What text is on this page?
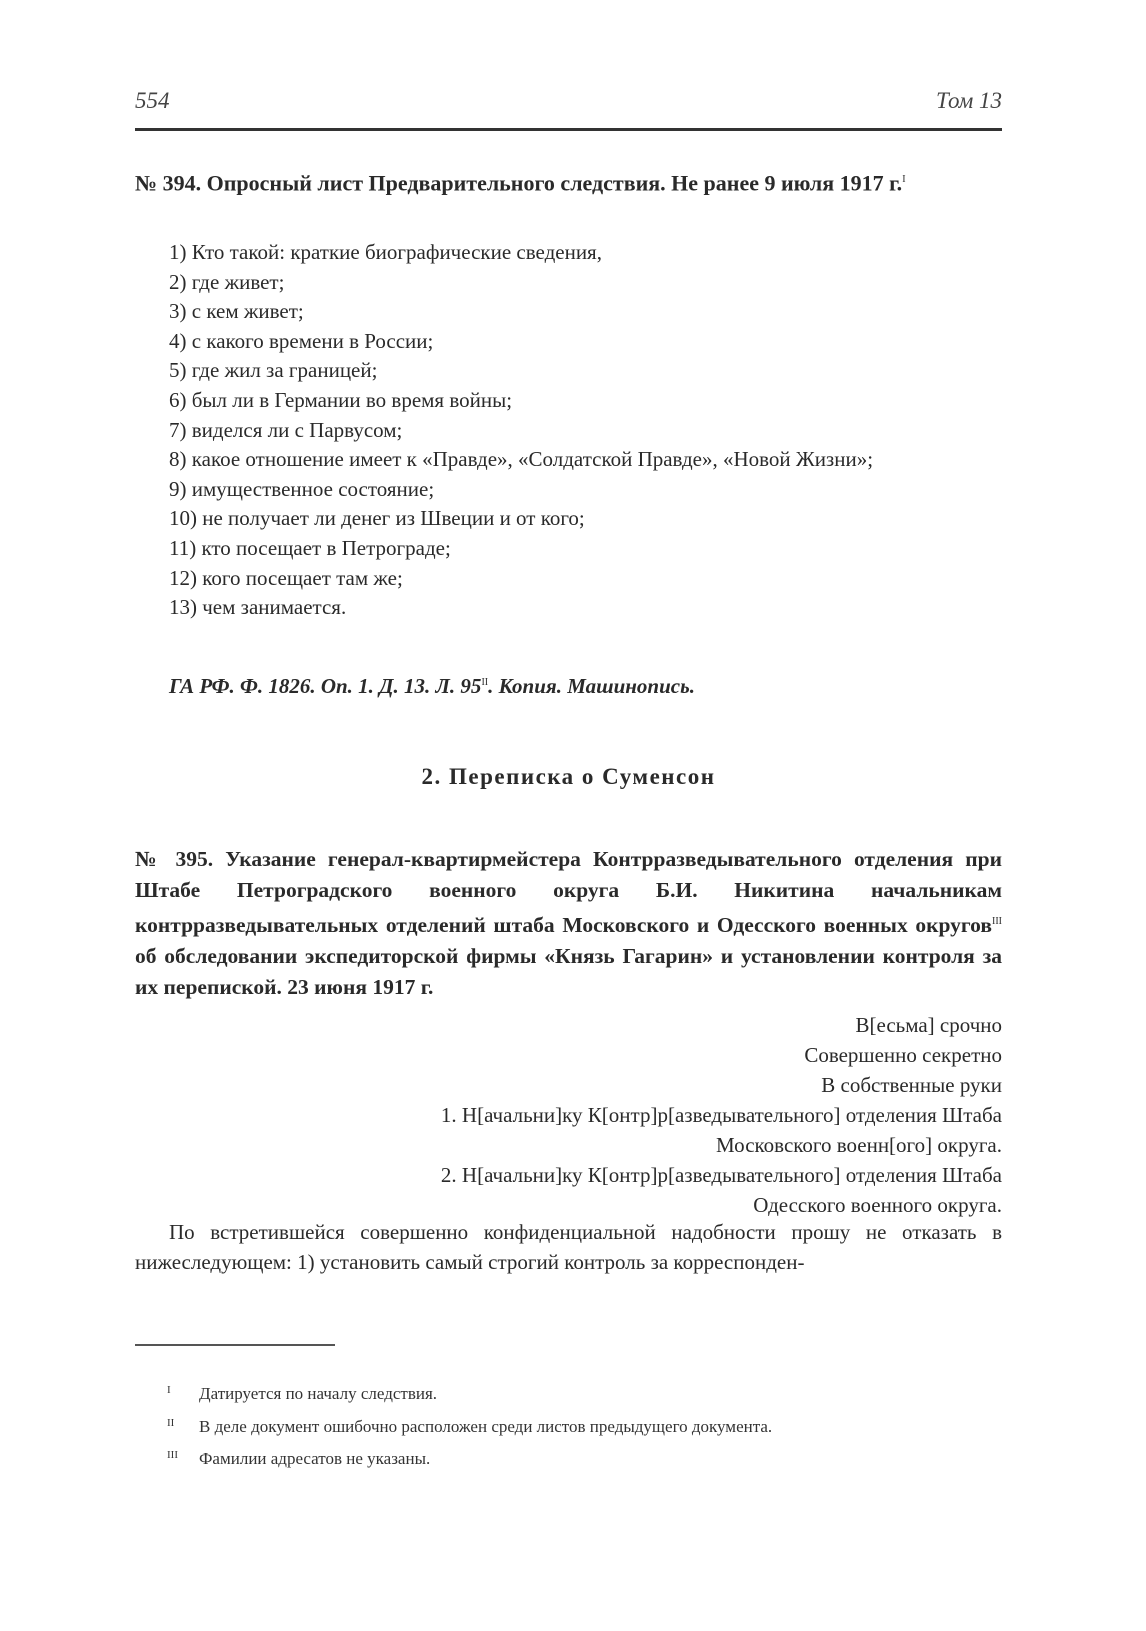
554	Том 13
№ 394. Опросный лист Предварительного следствия. Не ранее 9 июля 1917 г.$^I$
1) Кто такой: краткие биографические сведения,
2) где живет;
3) с кем живет;
4) с какого времени в России;
5) где жил за границей;
6) был ли в Германии во время войны;
7) виделся ли с Парвусом;
8) какое отношение имеет к «Правде», «Солдатской Правде», «Новой Жизни»;
9) имущественное состояние;
10) не получает ли денег из Швеции и от кого;
11) кто посещает в Петрограде;
12) кого посещает там же;
13) чем занимается.
ГА РФ. Ф. 1826. Оп. 1. Д. 13. Л. $95^{II}$. Копия. Машинопись.
2. Переписка о Суменсон
№ 395. Указание генерал-квартирмейстера Контрразведывательного отделения при Штабе Петроградского военного округа Б.И. Никитина начальникам контрразведывательных отделений штаба Московского и Одесского военных округов$^{III}$ об обследовании экспедиторской фирмы «Князь Гагарин» и установлении контроля за их перепиской. 23 июня 1917 г.
В[есьма] срочно
Совершенно секретно
В собственные руки
1. Н[ачальни]ку К[онтр]р[азведывательного] отделения Штаба
Московского военн[ого] округа.
2. Н[ачальни]ку К[онтр]р[азведывательного] отделения Штаба
Одесского военного округа.
По встретившейся совершенно конфиденциальной надобности прошу не отказать в нижеследующем: 1) установить самый строгий контроль за корреспонден-
I	Датируется по началу следствия.
II	В деле документ ошибочно расположен среди листов предыдущего документа.
III	Фамилии адресатов не указаны.
